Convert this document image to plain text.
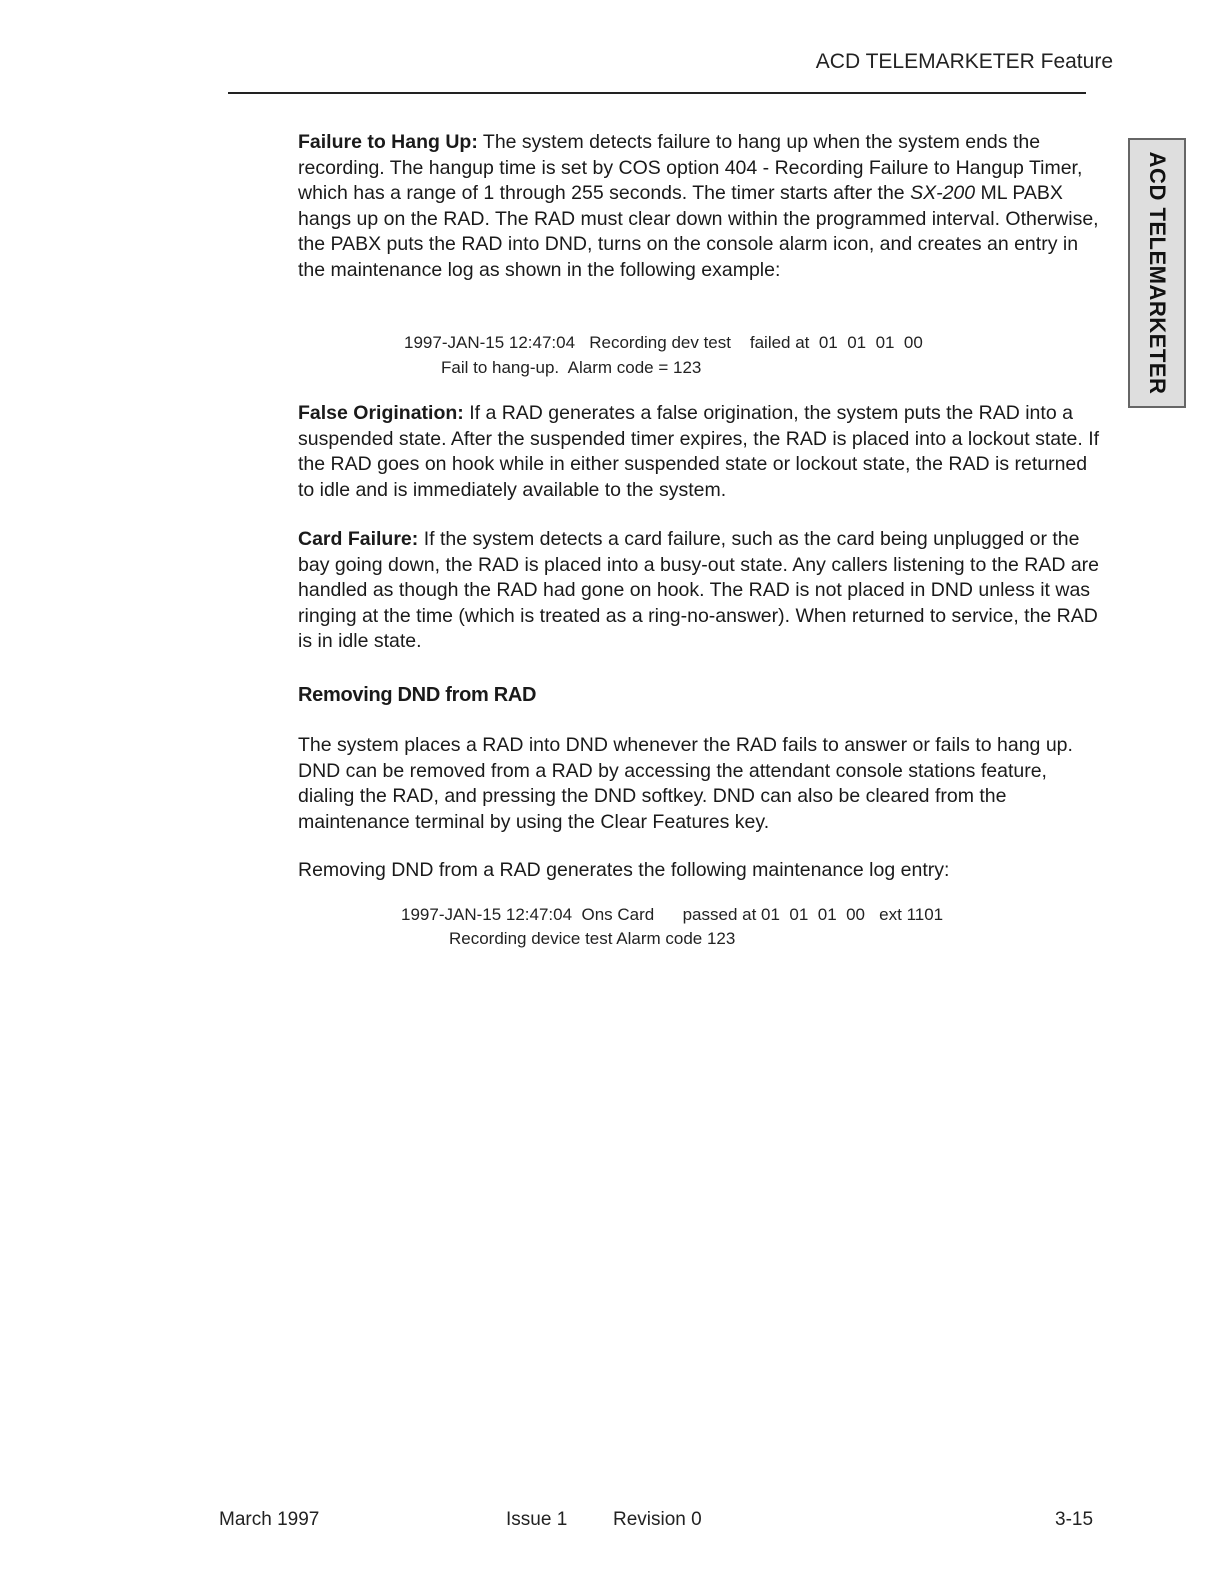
ACD TELEMARKETER Feature
ACD TELEMARKETER
Failure to Hang Up: The system detects failure to hang up when the system ends the recording. The hangup time is set by COS option 404 - Recording Failure to Hangup Timer, which has a range of 1 through 255 seconds. The timer starts after the SX-200 ML PABX hangs up on the RAD. The RAD must clear down within the programmed interval. Otherwise, the PABX puts the RAD into DND, turns on the console alarm icon, and creates an entry in the maintenance log as shown in the following example:
1997-JAN-15 12:47:04   Recording dev test    failed at  01  01  01  00
Fail to hang-up.  Alarm code = 123
False Origination: If a RAD generates a false origination, the system puts the RAD into a suspended state. After the suspended timer expires, the RAD is placed into a lockout state. If the RAD goes on hook while in either suspended state or lockout state, the RAD is returned to idle and is immediately available to the system.
Card Failure: If the system detects a card failure, such as the card being unplugged or the bay going down, the RAD is placed into a busy-out state. Any callers listening to the RAD are handled as though the RAD had gone on hook. The RAD is not placed in DND unless it was ringing at the time (which is treated as a ring-no-answer). When returned to service, the RAD is in idle state.
Removing DND from RAD
The system places a RAD into DND whenever the RAD fails to answer or fails to hang up. DND can be removed from a RAD by accessing the attendant console stations feature, dialing the RAD, and pressing the DND softkey. DND can also be cleared from the maintenance terminal by using the Clear Features key.
Removing DND from a RAD generates the following maintenance log entry:
1997-JAN-15 12:47:04  Ons Card      passed at 01  01  01  00   ext 1101
Recording device test Alarm code 123
March 1997	Issue 1 Revision 0	3-15
